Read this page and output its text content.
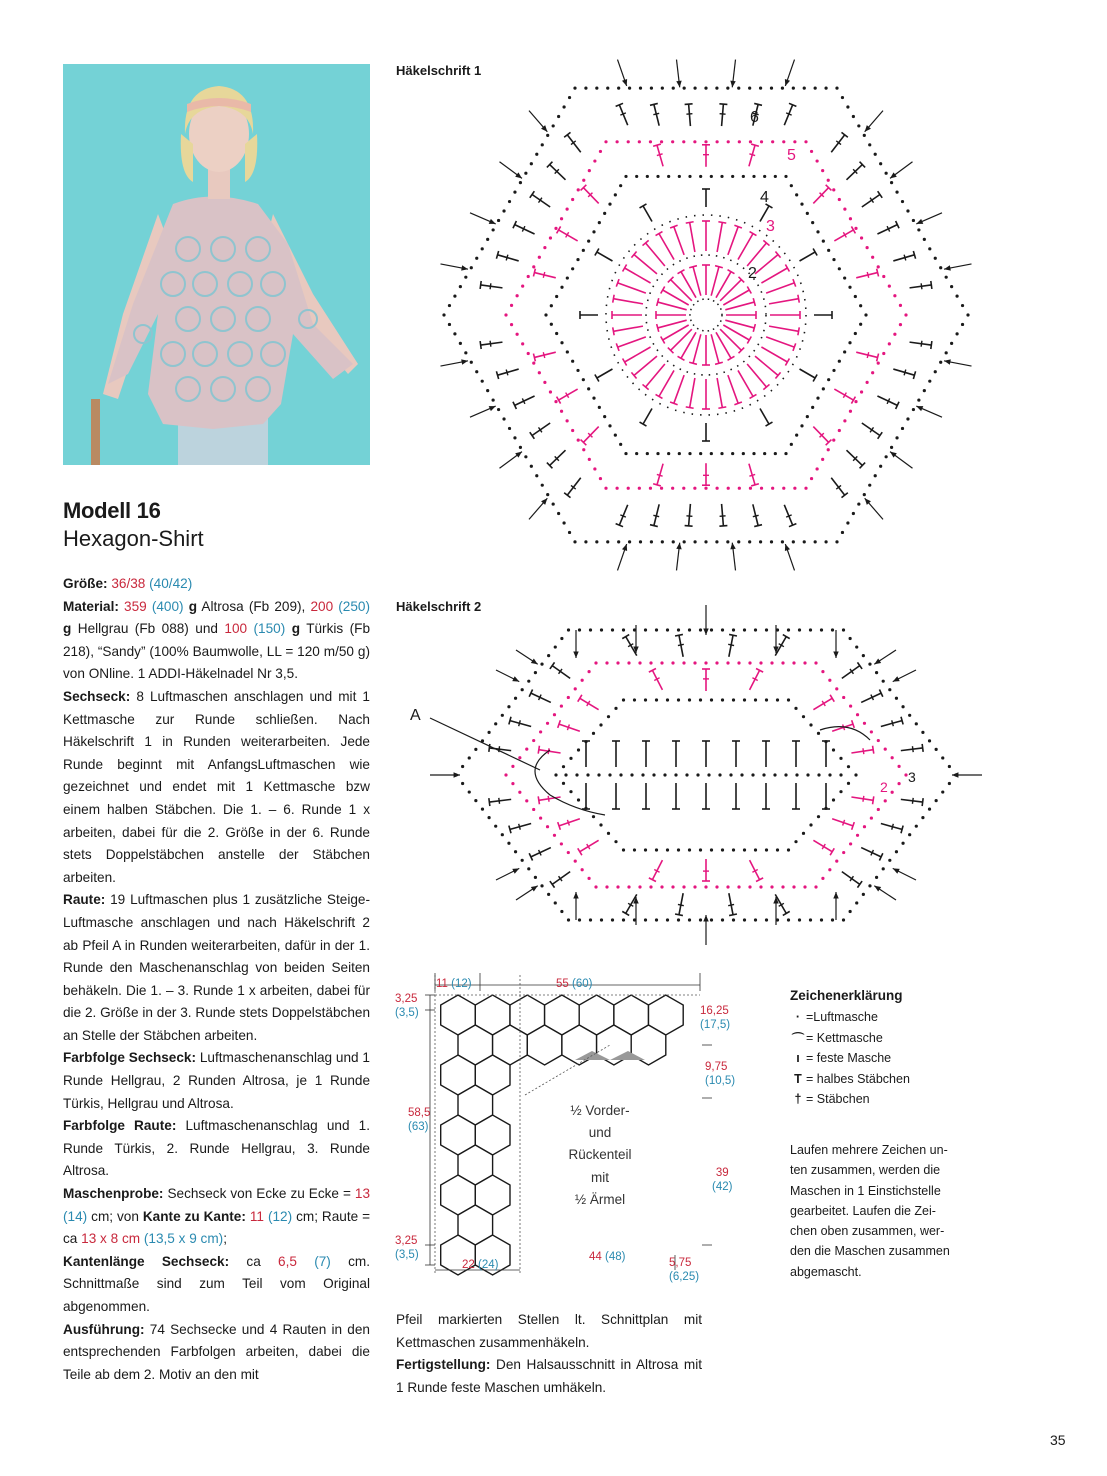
Modell 16
Hexagon-Shirt

Größe: 36/38 (40/42)

Material: 359 (400) g Altrosa (Fb 209), 200 (250) g Hellgrau (Fb 088) und 100 (150) g Türkis (Fb 218), “Sandy” (100% Baumwolle, LL = 120 m/50 g) von ONline. 1 ADDI-Häkelnadel Nr 3,5.

Sechseck: 8 Luftmaschen anschlagen und mit 1 Kettmasche zur Runde schließen. Nach Häkelschrift 1 in Runden weiterarbeiten. Jede Runde beginnt mit AnfangsLuftmaschen wie gezeichnet und endet mit 1 Kettmasche bzw einem halben Stäbchen. Die 1. – 6. Runde 1 x arbeiten, dabei für die 2. Größe in der 6. Runde stets Doppelstäbchen anstelle der Stäbchen arbeiten.

Raute: 19 Luftmaschen plus 1 zusätzliche Steige-Luftmasche anschlagen und nach Häkelschrift 2 ab Pfeil A in Runden weiterarbeiten, dafür in der 1. Runde den Maschenanschlag von beiden Seiten behäkeln. Die 1. – 3. Runde 1 x arbeiten, dabei für die 2. Größe in der 3. Runde stets Doppelstäbchen an Stelle der Stäbchen arbeiten.

Farbfolge Sechseck: Luftmaschenanschlag und 1 Runde Hellgrau, 2 Runden Altrosa, je 1 Runde Türkis, Hellgrau und Altrosa.

Farbfolge Raute: Luftmaschenanschlag und 1. Runde Türkis, 2. Runde Hellgrau, 3. Runde Altrosa.

Maschenprobe: Sechseck von Ecke zu Ecke = 13 (14) cm; von Kante zu Kante: 11 (12) cm; Raute = ca 13 x 8 cm (13,5 x 9 cm);

Kantenlänge Sechseck: ca 6,5 (7) cm. Schnittmaße sind zum Teil vom Original abgenommen.

Ausführung: 74 Sechsecke und 4 Rauten in den entsprechenden Farbfolgen arbeiten, dabei die Teile ab dem 2. Motiv an den mit

Pfeil markierten Stellen lt. Schnittplan mit Kettmaschen zusammenhäkeln.

Fertigstellung: Den Halsausschnitt in Altrosa mit 1 Runde feste Maschen umhäkeln.

Häkelschrift 1
2
3
4
5
6
Häkelschrift 2
A
2
3
11 (12)	55 (60)
3,25
(3,5)
58,5
(63)
3,25
(3,5)
16,25
(17,5)
9,75
(10,5)
39
(42)
22 (24)
44 (48)	5,75
(6,25)
½ Vorder-
und
Rückenteil
mit
½ Ärmel
Zeichenerklärung
· =Luftmasche
⌒ = Kettmasche
ı = feste Masche
T = halbes Stäbchen
† = Stäbchen
Laufen mehrere Zeichen un-
ten zusammen, werden die
Maschen in 1 Einstichstelle
gearbeitet. Laufen die Zei-
chen oben zusammen, wer-
den die Maschen zusammen
abgemascht.
35
